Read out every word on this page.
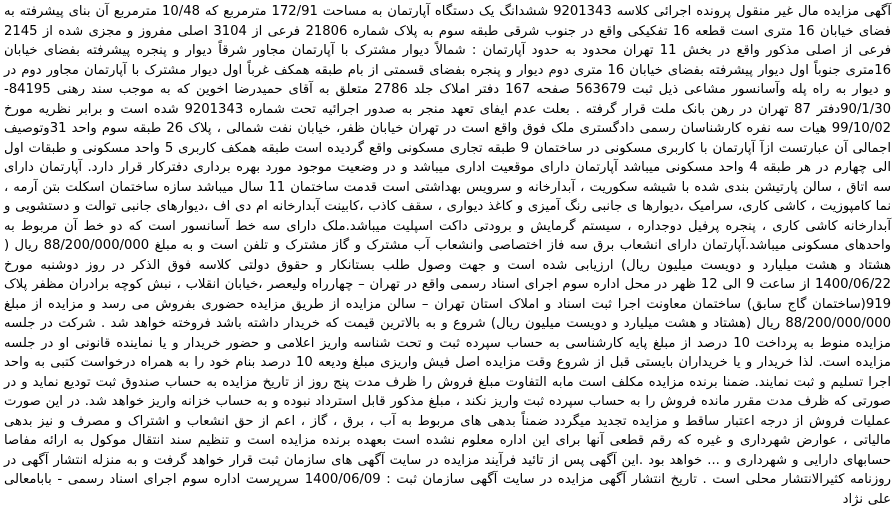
آگهی مزایده مال غیر منقول پرونده اجرائی کلاسه 9201343 ششدانگ یک دستگاه آپارتمان به مساحت 172/91 مترمربع که 10/48 مترمربع آن بنای پیشرفته به فضای خیابان 16 متری است قطعه 16 تفکیکی واقع در جنوب شرقی طبقه سوم به پلاک شماره 21806 فرعی از 3104 اصلی مفروز و مجزی شده از 2145 فرعی از اصلی مذکور واقع در بخش 11 تهران محدود به حدود آپارتمان : شمالاً دیوار مشترک با آپارتمان مجاور شرقاً دیوار و پنجره پیشرفته بفضای خیابان 16متری جنوباً اول دیوار پیشرفته بفضای خیابان 16 متری دوم دیوار و پنجره بفضای قسمتی از بام طبقه همکف غرباً اول دیوار مشترک با آپارتمان مجاور دوم در و دیوار به راه پله وآسانسور مشاعی ذیل ثبت 563679 صفحه 167 دفتر املاک جلد 2786 متعلق به آقای حمیدرضا اخوین که به موجب سند رهنی 84195- 90/1/30دفتر 87 تهران در رهن بانک ملت قرار گرفته . بعلت عدم ایفای تعهد منجر به صدور اجرائیه تحت شماره 9201343 شده است و برابر نظریه مورخ 99/10/02 هیات سه نفره کارشناسان رسمی دادگستری ملک فوق واقع است در تهران خیابان ظفر، خیابان نفت شمالی ، پلاک 26 طبقه سوم واحد 31وتوصیف اجمالی آن عبارتست ازآ آپارتمان با کاربری مسکونی در ساختمان 9 طبقه تجاری مسکونی واقع گردیده است طبقه همکف کاربری 5 واحد مسکونی و طبقات اول الی چهارم در هر طبقه 4 واحد مسکونی میباشد آپارتمان دارای موقعیت اداری میباشد و در وضعیت موجود مورد بهره برداری دفترکار قرار دارد. آپارتمان دارای سه اتاق ، سالن پارتیشن بندی شده با شیشه سکوریت ، آبدارخانه و سرویس بهداشتی است قدمت ساختمان 11 سال میباشد سازه ساختمان اسکلت بتن آرمه ، نما کامپوزیت ، کاشی کاری، سرامیک ،دیوارها ی جانبی رنگ آمیزی و کاغذ دیواری ، سقف کاذب ،کابینت آبدارخانه ام دی اف ،دیوارهای جانبی توالت و دستشویی و آبدارخانه کاشی کاری ، پنجره پرفیل دوجداره ، سیستم گرمایش و برودتی داکت اسپلیت میباشد.ملک دارای سه خط آسانسور است که دو خط آن مربوط به واحدهای مسکونی میباشد.آپارتمان دارای انشعاب برق سه فاز اختصاصی وانشعاب آب مشترک و گاز مشترک و تلفن است و به مبلغ 88/200/000/000 ریال ( هشتاد و هشت میلیارد و دویست میلیون ریال) ارزیابی شده است و جهت وصول طلب بستانکار و حقوق دولتی کلاسه فوق الذکر در روز دوشنبه مورخ 1400/06/22 از ساعت 9 الی 12 ظهر در محل اداره سوم اجرای اسناد رسمی واقع در تهران – چهارراه ولیعصر ،خیابان انقلاب ، نبش کوچه برادران مظفر پلاک 919(ساختمان گاج سابق) ساختمان معاونت اجرا ثبت اسناد و املاک استان تهران – سالن مزایده از طریق مزایده حضوری بفروش می رسد و مزایده از مبلغ 88/200/000/000 ریال (هشتاد و هشت میلیارد و دویست میلیون ریال) شروع و به بالاترین قیمت که خریدار داشته باشد فروخته خواهد شد . شرکت در جلسه مزایده منوط به پرداخت 10 درصد از مبلغ پایه کارشناسی به حساب سپرده ثبت و تحت شناسه واریز اعلامی و حضور خریدار و یا نماینده قانونی او در جلسه مزایده است. لذا خریدار و یا خریداران بایستی قبل از شروع وقت مزایده اصل فیش واریزی مبلغ ودیعه 10 درصد بنام خود را به همراه درخواست کتبی به واحد اجرا تسلیم و ثبت نمایند. ضمنا برنده مزایده مکلف است مابه التفاوت مبلغ فروش را ظرف مدت پنج روز از تاریخ مزایده به حساب صندوق ثبت تودیع نماید و در صورتی که ظرف مدت مقرر مانده فروش را به حساب سپرده ثبت واریز نکند ، مبلغ مذکور قابل استرداد نبوده و به حساب خزانه واریز خواهد شد. در این صورت عملیات فروش از درجه اعتبار ساقط و مزایده تجدید میگردد ضمناً بدهی های مربوط به آب ، برق ، گاز ، اعم از حق انشعاب و اشتراک و مصرف و نیز بدهی مالیاتی ، عوارض شهرداری و غیره که رقم قطعی آنها برای این اداره معلوم نشده است بعهده برنده مزایده است و تنظیم سند انتقال موکول به ارائه مفاصا حسابهای دارایی و شهرداری و ... خواهد بود .این آگهی پس از تائید فرآیند مزایده در سایت آگهی های سازمان ثبت قرار خواهد گرفت و به منزله انتشار آگهی در روزنامه کثیرالانتشار محلی است . تاریخ انتشار آگهی مزایده در سایت آگهی سازمان ثبت : 1400/06/09 سرپرست اداره سوم اجرای اسناد رسمی - بابامعالی علی نژاد
